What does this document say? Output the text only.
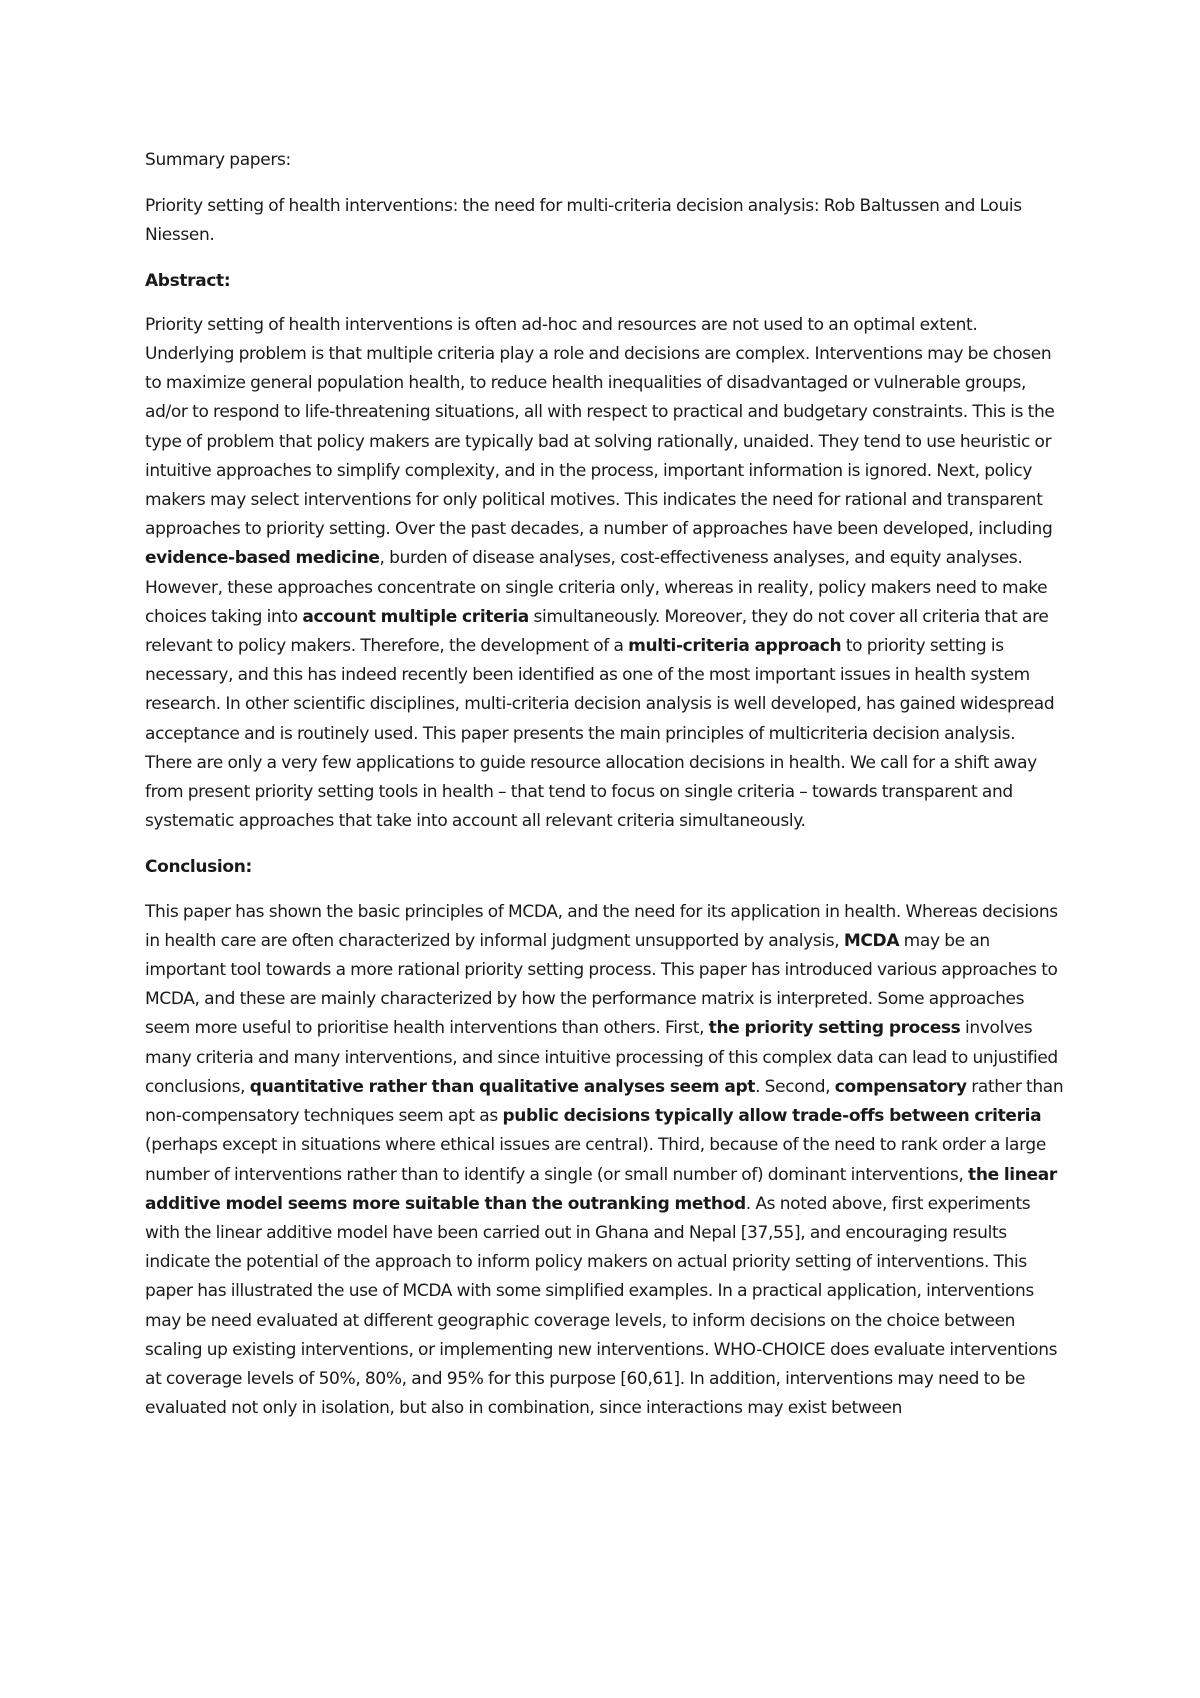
Summary papers:

Priority setting of health interventions: the need for multi-criteria decision analysis: Rob Baltussen and Louis Niessen.

Abstract:

Priority setting of health interventions is often ad-hoc and resources are not used to an optimal extent. Underlying problem is that multiple criteria play a role and decisions are complex. Interventions may be chosen to maximize general population health, to reduce health inequalities of disadvantaged or vulnerable groups, ad/or to respond to life-threatening situations, all with respect to practical and budgetary constraints. This is the type of problem that policy makers are typically bad at solving rationally, unaided. They tend to use heuristic or intuitive approaches to simplify complexity, and in the process, important information is ignored. Next, policy makers may select interventions for only political motives. This indicates the need for rational and transparent approaches to priority setting. Over the past decades, a number of approaches have been developed, including evidence-based medicine, burden of disease analyses, cost-effectiveness analyses, and equity analyses. However, these approaches concentrate on single criteria only, whereas in reality, policy makers need to make choices taking into account multiple criteria simultaneously. Moreover, they do not cover all criteria that are relevant to policy makers. Therefore, the development of a multi-criteria approach to priority setting is necessary, and this has indeed recently been identified as one of the most important issues in health system research. In other scientific disciplines, multi-criteria decision analysis is well developed, has gained widespread acceptance and is routinely used. This paper presents the main principles of multicriteria decision analysis. There are only a very few applications to guide resource allocation decisions in health. We call for a shift away from present priority setting tools in health – that tend to focus on single criteria – towards transparent and systematic approaches that take into account all relevant criteria simultaneously.

Conclusion:

This paper has shown the basic principles of MCDA, and the need for its application in health. Whereas decisions in health care are often characterized by informal judgment unsupported by analysis, MCDA may be an important tool towards a more rational priority setting process. This paper has introduced various approaches to MCDA, and these are mainly characterized by how the performance matrix is interpreted. Some approaches seem more useful to prioritise health interventions than others. First, the priority setting process involves many criteria and many interventions, and since intuitive processing of this complex data can lead to unjustified conclusions, quantitative rather than qualitative analyses seem apt. Second, compensatory rather than non-compensatory techniques seem apt as public decisions typically allow trade-offs between criteria (perhaps except in situations where ethical issues are central). Third, because of the need to rank order a large number of interventions rather than to identify a single (or small number of) dominant interventions, the linear additive model seems more suitable than the outranking method. As noted above, first experiments with the linear additive model have been carried out in Ghana and Nepal [37,55], and encouraging results indicate the potential of the approach to inform policy makers on actual priority setting of interventions. This paper has illustrated the use of MCDA with some simplified examples. In a practical application, interventions may be need evaluated at different geographic coverage levels, to inform decisions on the choice between scaling up existing interventions, or implementing new interventions. WHO-CHOICE does evaluate interventions at coverage levels of 50%, 80%, and 95% for this purpose [60,61]. In addition, interventions may need to be evaluated not only in isolation, but also in combination, since interactions may exist between
